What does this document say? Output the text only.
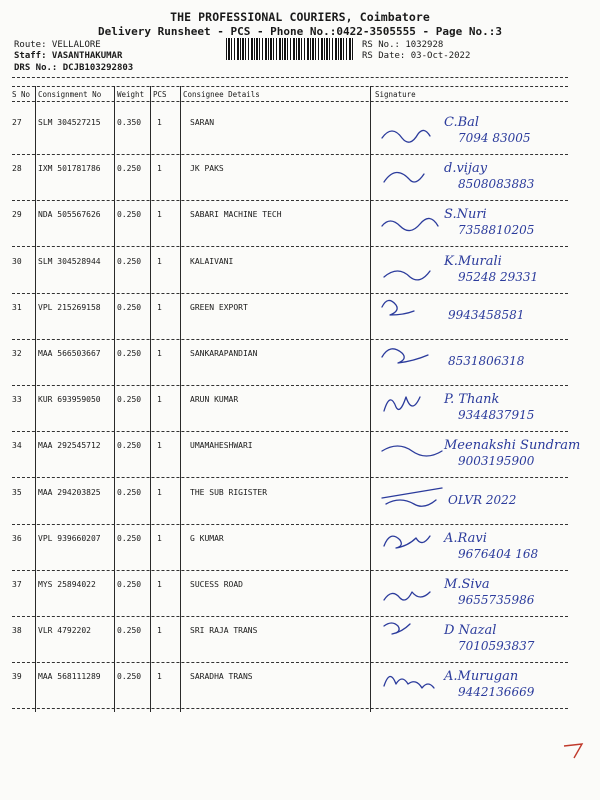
THE PROFESSIONAL COURIERS, Coimbatore
Delivery Runsheet - PCS - Phone No.:0422-3505555 - Page No.:3
Route: VELLALORE
Staff: VASANTHAKUMAR
DRS No.: DCJB103292803
RS No.: 1032928
RS Date: 03-Oct-2022
S No Consignment No Weight PCS Consignee Details	Signature
27 SLM 304527215 0.350 1	SARAN	C.Bal
7094 83005
28 IXM 501781786 0.250 1	JK PAKS	d.vijay
8508083883
29 NDA 505567626 0.250 1	SABARI MACHINE TECH	S.Nuri
7358810205
30 SLM 304528944 0.250 1	KALAIVANI	K.Murali
95248 29331
31 VPL 215269158 0.250 1	GREEN EXPORT
9943458581
32 MAA 566503667 0.250 1	SANKARAPANDIAN
8531806318
33 KUR 693959050 0.250 1	ARUN KUMAR	P. Thank
9344837915
34 MAA 292545712 0.250 1	UMAMAHESHWARI	Meenakshi Sundram
9003195900
35 MAA 294203825 0.250 1	THE SUB RIGISTER
OLVR 2022
36 VPL 939660207 0.250 1	G KUMAR	A.Ravi
9676404 168
37 MYS 25894022	0.250 1	SUCESS ROAD	M.Siva
9655735986
38 VLR 4792202	0.250 1	SRI RAJA TRANS	D Nazal
7010593837
39 MAA 568111289 0.250 1	SARADHA TRANS	A.Murugan
9442136669
